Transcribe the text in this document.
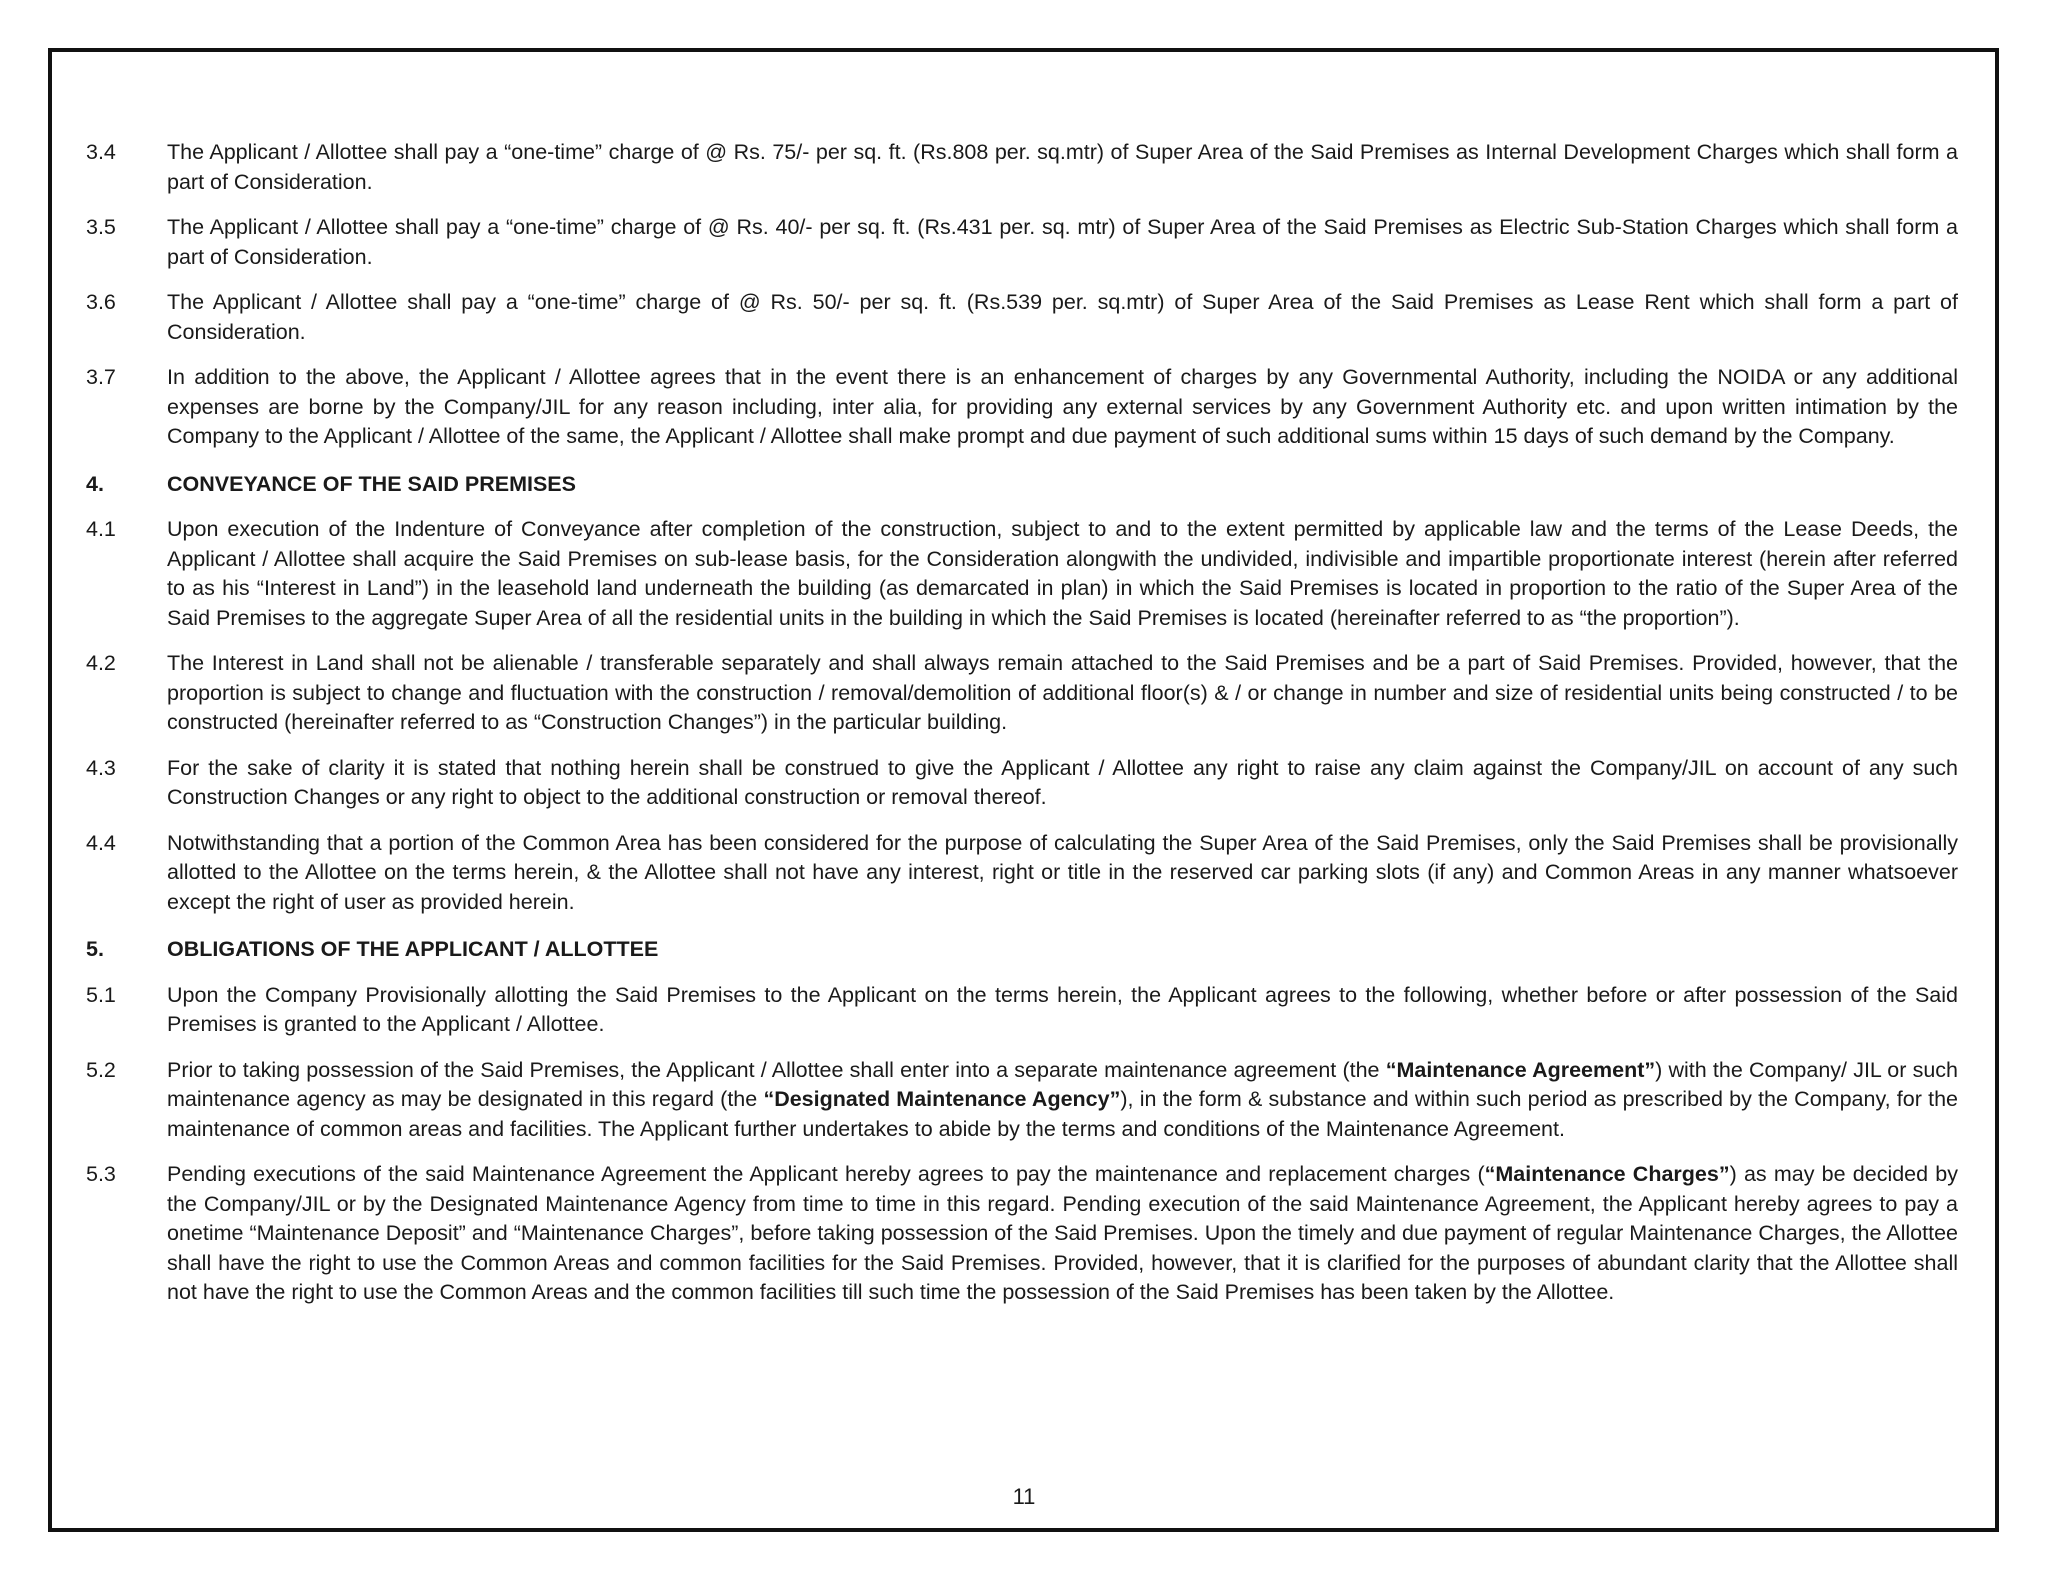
3.4	The Applicant / Allottee shall pay a “one-time” charge of @ Rs. 75/- per sq. ft. (Rs.808 per. sq.mtr) of Super Area of the Said Premises as Internal Development Charges which shall form a part of Consideration.
3.5	The Applicant / Allottee shall pay a “one-time” charge of @ Rs. 40/- per sq. ft. (Rs.431 per. sq. mtr) of Super Area of the Said Premises as Electric Sub-Station Charges which shall form a part of Consideration.
3.6	The Applicant / Allottee shall pay a “one-time” charge of @ Rs. 50/- per sq. ft. (Rs.539 per. sq.mtr) of Super Area of the Said Premises as Lease Rent which shall form a part of Consideration.
3.7	In addition to the above, the Applicant / Allottee agrees that in the event there is an enhancement of charges by any Governmental Authority, including the NOIDA or any additional expenses are borne by the Company/JIL for any reason including, inter alia, for providing any external services by any Government Authority etc. and upon written intimation by the Company to the Applicant / Allottee of the same, the Applicant / Allottee shall make prompt and due payment of such additional sums within 15 days of such demand by the Company.
4.	CONVEYANCE OF THE SAID PREMISES
4.1	Upon execution of the Indenture of Conveyance after completion of the construction, subject to and to the extent permitted by applicable law and the terms of the Lease Deeds, the Applicant / Allottee shall acquire the Said Premises on sub-lease basis, for the Consideration alongwith the undivided, indivisible and impartible proportionate interest (herein after referred to as his “Interest in Land”) in the leasehold land underneath the building (as demarcated in plan) in which the Said Premises is located in proportion to the ratio of the Super Area of the Said Premises to the aggregate Super Area of all the residential units in the building in which the Said Premises is located (hereinafter referred to as “the proportion”).
4.2	The Interest in Land shall not be alienable / transferable separately and shall always remain attached to the Said Premises and be a part of Said Premises. Provided, however, that the proportion is subject to change and fluctuation with the construction / removal/demolition of additional floor(s) & / or change in number and size of residential units being constructed / to be constructed (hereinafter referred to as “Construction Changes”) in the particular building.
4.3	For the sake of clarity it is stated that nothing herein shall be construed to give the Applicant / Allottee any right to raise any claim against the Company/JIL on account of any such Construction Changes or any right to object to the additional construction or removal thereof.
4.4	Notwithstanding that a portion of the Common Area has been considered for the purpose of calculating the Super Area of the Said Premises, only the Said Premises shall be provisionally allotted to the Allottee on the terms herein, & the Allottee shall not have any interest, right or title in the reserved car parking slots (if any) and Common Areas in any manner whatsoever except the right of user as provided herein.
5.	OBLIGATIONS OF THE APPLICANT / ALLOTTEE
5.1	Upon the Company Provisionally allotting the Said Premises to the Applicant on the terms herein, the Applicant agrees to the following, whether before or after possession of the Said Premises is granted to the Applicant / Allottee.
5.2	Prior to taking possession of the Said Premises, the Applicant / Allottee shall enter into a separate maintenance agreement (the “Maintenance Agreement”) with the Company/ JIL or such maintenance agency as may be designated in this regard (the “Designated Maintenance Agency”), in the form & substance and within such period as prescribed by the Company, for the maintenance of common areas and facilities. The Applicant further undertakes to abide by the terms and conditions of the Maintenance Agreement.
5.3	Pending executions of the said Maintenance Agreement the Applicant hereby agrees to pay the maintenance and replacement charges (“Maintenance Charges”) as may be decided by the Company/JIL or by the Designated Maintenance Agency from time to time in this regard. Pending execution of the said Maintenance Agreement, the Applicant hereby agrees to pay a onetime “Maintenance Deposit” and “Maintenance Charges”, before taking possession of the Said Premises. Upon the timely and due payment of regular Maintenance Charges, the Allottee shall have the right to use the Common Areas and common facilities for the Said Premises. Provided, however, that it is clarified for the purposes of abundant clarity that the Allottee shall not have the right to use the Common Areas and the common facilities till such time the possession of the Said Premises has been taken by the Allottee.
11
